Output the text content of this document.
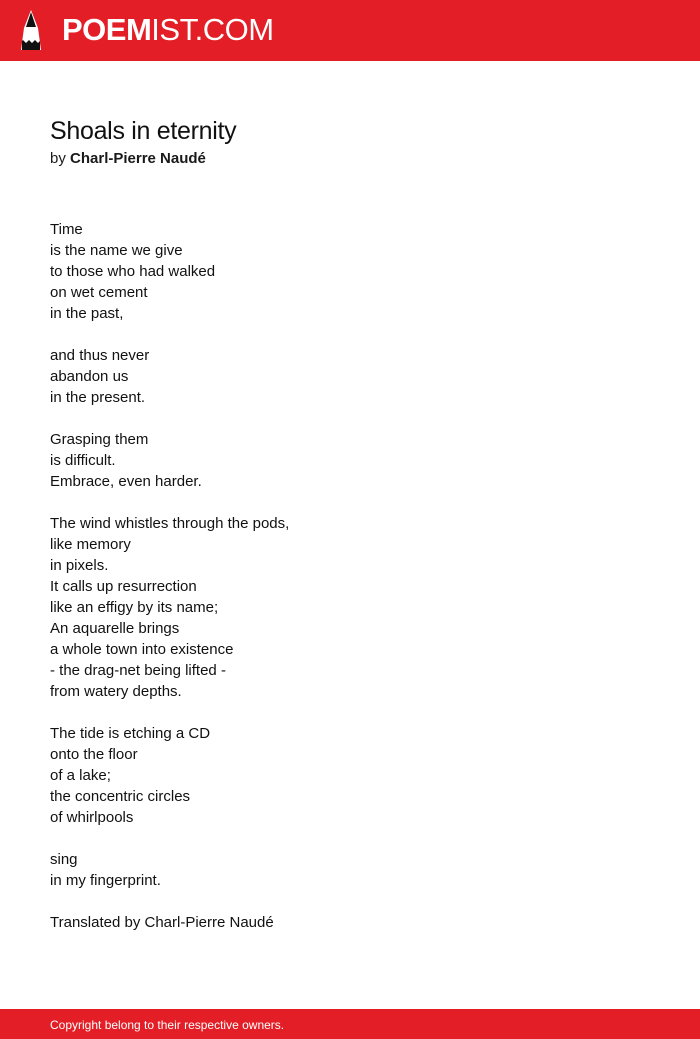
POEMIST.COM
Shoals in eternity
by Charl-Pierre Naudé
Time
is the name we give
to those who had walked
on wet cement
in the past,
and thus never
abandon us
in the present.
Grasping them
is difficult.
Embrace, even harder.
The wind whistles through the pods,
like memory
in pixels.
It calls up resurrection
like an effigy by its name;
An aquarelle brings
a whole town into existence
- the drag-net being lifted -
from watery depths.
The tide is etching a CD
onto the floor
of a lake;
the concentric circles
of whirlpools
sing
in my fingerprint.
Translated by Charl-Pierre Naudé
Copyright belong to their respective owners.
